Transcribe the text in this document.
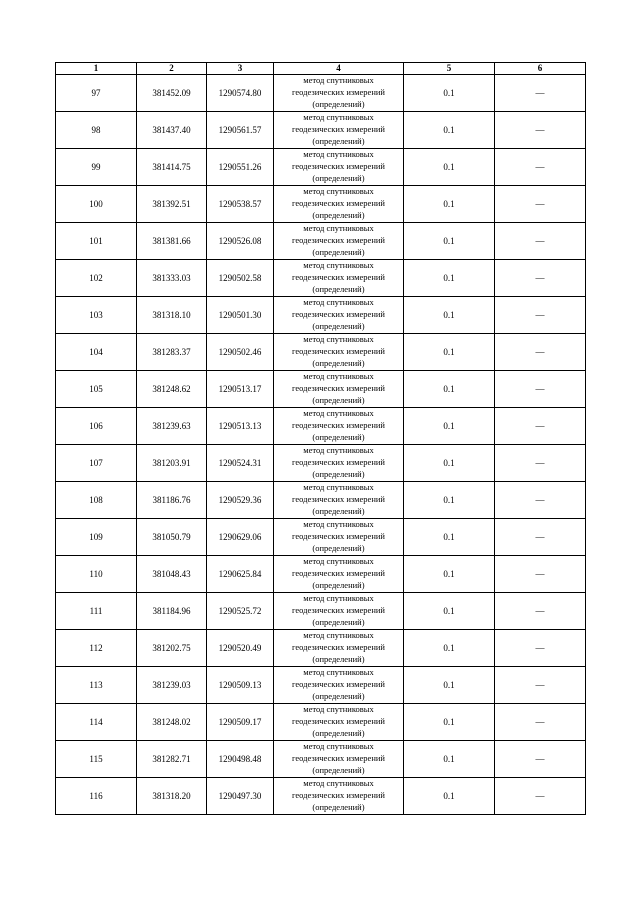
1	2	3	4	5	6
97	381452.09	1290574.80	метод спутниковых
геодезических измерений
(определений)	0.1	—
98	381437.40	1290561.57	метод спутниковых
геодезических измерений
(определений)	0.1	—
99	381414.75	1290551.26	метод спутниковых
геодезических измерений
(определений)	0.1	—
100	381392.51	1290538.57	метод спутниковых
геодезических измерений
(определений)	0.1	—
101	381381.66	1290526.08	метод спутниковых
геодезических измерений
(определений)	0.1	—
102	381333.03	1290502.58	метод спутниковых
геодезических измерений
(определений)	0.1	—
103	381318.10	1290501.30	метод спутниковых
геодезических измерений
(определений)	0.1	—
104	381283.37	1290502.46	метод спутниковых
геодезических измерений
(определений)	0.1	—
105	381248.62	1290513.17	метод спутниковых
геодезических измерений
(определений)	0.1	—
106	381239.63	1290513.13	метод спутниковых
геодезических измерений
(определений)	0.1	—
107	381203.91	1290524.31	метод спутниковых
геодезических измерений
(определений)	0.1	—
108	381186.76	1290529.36	метод спутниковых
геодезических измерений
(определений)	0.1	—
109	381050.79	1290629.06	метод спутниковых
геодезических измерений
(определений)	0.1	—
110	381048.43	1290625.84	метод спутниковых
геодезических измерений
(определений)	0.1	—
111	381184.96	1290525.72	метод спутниковых
геодезических измерений
(определений)	0.1	—
112	381202.75	1290520.49	метод спутниковых
геодезических измерений
(определений)	0.1	—
113	381239.03	1290509.13	метод спутниковых
геодезических измерений
(определений)	0.1	—
114	381248.02	1290509.17	метод спутниковых
геодезических измерений
(определений)	0.1	—
115	381282.71	1290498.48	метод спутниковых
геодезических измерений
(определений)	0.1	—
116	381318.20	1290497.30	метод спутниковых
геодезических измерений
(определений)	0.1	—
